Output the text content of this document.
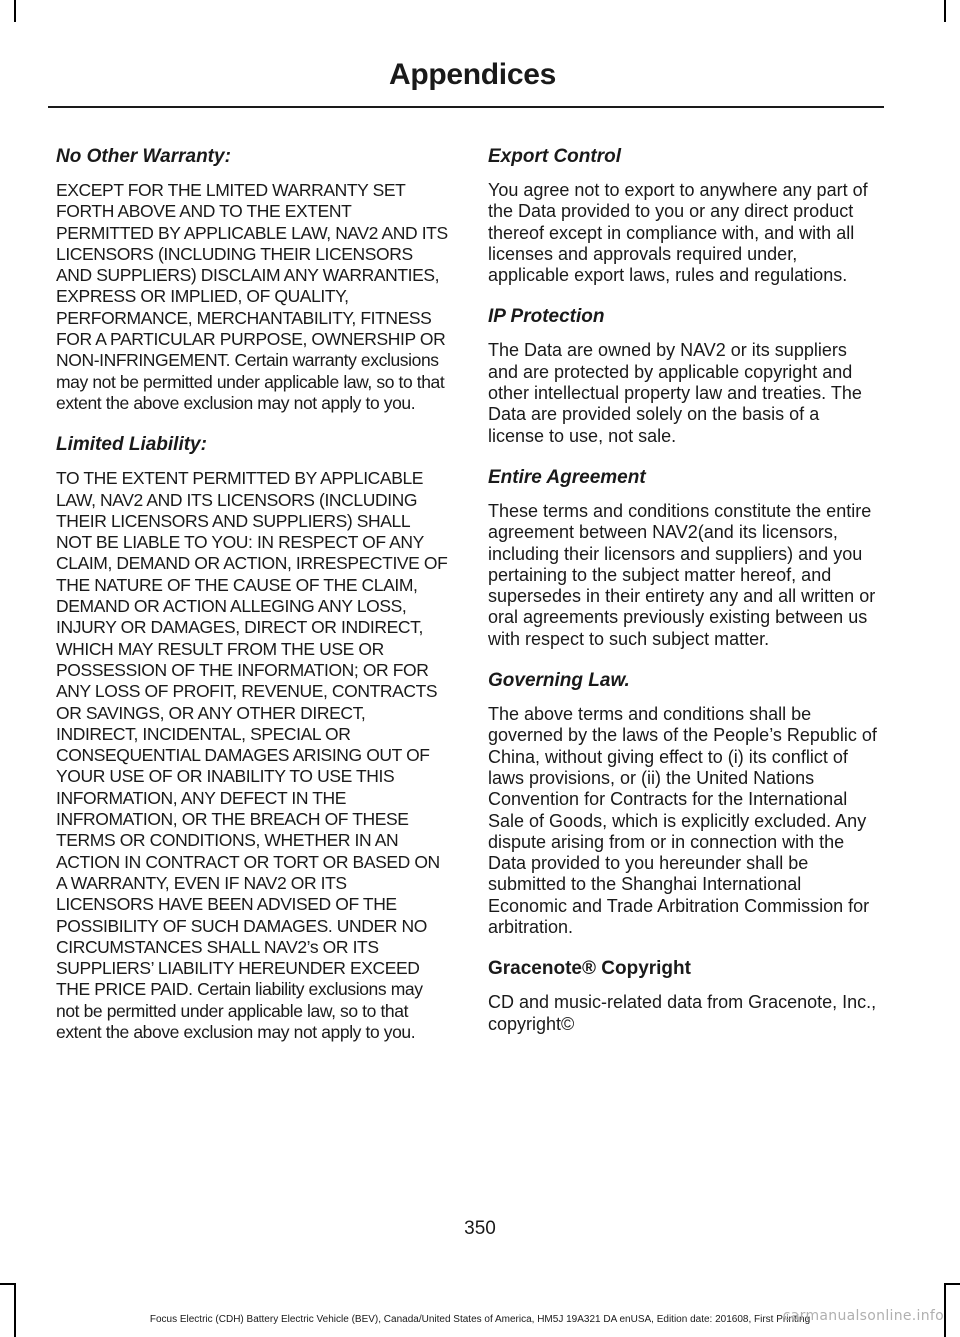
Appendices
No Other Warranty:

EXCEPT FOR THE LMITED WARRANTY SET FORTH ABOVE AND TO THE EXTENT PERMITTED BY APPLICABLE LAW, NAV2 AND ITS LICENSORS (INCLUDING THEIR LICENSORS AND SUPPLIERS) DISCLAIM ANY WARRANTIES, EXPRESS OR IMPLIED, OF QUALITY, PERFORMANCE, MERCHANTABILITY, FITNESS FOR A PARTICULAR PURPOSE, OWNERSHIP OR NON-INFRINGEMENT. Certain warranty exclusions may not be permitted under applicable law, so to that extent the above exclusion may not apply to you.

Limited Liability:

TO THE EXTENT PERMITTED BY APPLICABLE LAW, NAV2 AND ITS LICENSORS (INCLUDING THEIR LICENSORS AND SUPPLIERS) SHALL NOT BE LIABLE TO YOU: IN RESPECT OF ANY CLAIM, DEMAND OR ACTION, IRRESPECTIVE OF THE NATURE OF THE CAUSE OF THE CLAIM, DEMAND OR ACTION ALLEGING ANY LOSS, INJURY OR DAMAGES, DIRECT OR INDIRECT, WHICH MAY RESULT FROM THE USE OR POSSESSION OF THE INFORMATION; OR FOR ANY LOSS OF PROFIT, REVENUE, CONTRACTS OR SAVINGS, OR ANY OTHER DIRECT, INDIRECT, INCIDENTAL, SPECIAL OR CONSEQUENTIAL DAMAGES ARISING OUT OF YOUR USE OF OR INABILITY TO USE THIS INFORMATION, ANY DEFECT IN THE INFROMATION, OR THE BREACH OF THESE TERMS OR CONDITIONS, WHETHER IN AN ACTION IN CONTRACT OR TORT OR BASED ON A WARRANTY, EVEN IF NAV2 OR ITS LICENSORS HAVE BEEN ADVISED OF THE POSSIBILITY OF SUCH DAMAGES. UNDER NO CIRCUMSTANCES SHALL NAV2’s OR ITS SUPPLIERS’ LIABILITY HEREUNDER EXCEED THE PRICE PAID. Certain liability exclusions may not be permitted under applicable law, so to that extent the above exclusion may not apply to you.

Export Control

You agree not to export to anywhere any part of the Data provided to you or any direct product thereof except in compliance with, and with all licenses and approvals required under, applicable export laws, rules and regulations.

IP Protection

The Data are owned by NAV2 or its suppliers and are protected by applicable copyright and other intellectual property law and treaties. The Data are provided solely on the basis of a license to use, not sale.

Entire Agreement

These terms and conditions constitute the entire agreement between NAV2(and its licensors, including their licensors and suppliers) and you pertaining to the subject matter hereof, and supersedes in their entirety any and all written or oral agreements previously existing between us with respect to such subject matter.

Governing Law.

The above terms and conditions shall be governed by the laws of the People’s Republic of China, without giving effect to (i) its conflict of laws provisions, or (ii) the United Nations Convention for Contracts for the International Sale of Goods, which is explicitly excluded. Any dispute arising from or in connection with the Data provided to you hereunder shall be submitted to the Shanghai International Economic and Trade Arbitration Commission for arbitration.

Gracenote® Copyright

CD and music-related data from Gracenote, Inc., copyright©

350
Focus Electric (CDH) Battery Electric Vehicle (BEV), Canada/United States of America, HM5J 19A321 DA enUSA, Edition date: 201608, First Printing
carmanualsonline.info
